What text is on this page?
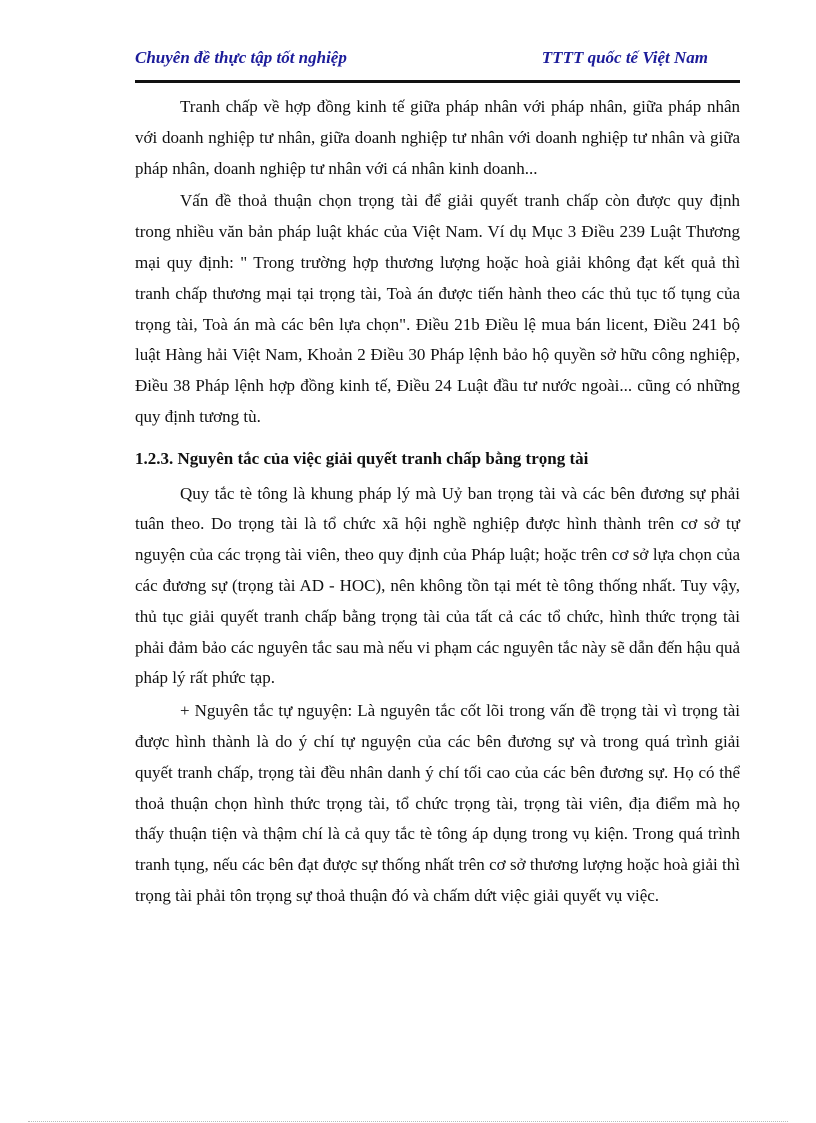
Chuyên đề thực tập tốt nghiệp	TTTT quốc tế Việt Nam

Tranh chấp về hợp đồng kinh tế giữa pháp nhân với pháp nhân, giữa pháp nhân với doanh nghiệp tư nhân, giữa doanh nghiệp tư nhân với doanh nghiệp tư nhân và giữa pháp nhân, doanh nghiệp tư nhân với cá nhân kinh doanh...

Vấn đề thoả thuận chọn trọng tài để giải quyết tranh chấp còn được quy định trong nhiều văn bản pháp luật khác của Việt Nam. Ví dụ Mục 3 Điều 239 Luật Thương mại quy định: " Trong trường hợp thương lượng hoặc hoà giải không đạt kết quả thì tranh chấp thương mại tại trọng tài, Toà án được tiến hành theo các thủ tục tố tụng của trọng tài, Toà án mà các bên lựa chọn". Điều 21b Điều lệ mua bán licent, Điều 241 bộ luật Hàng hải Việt Nam, Khoản 2 Điều 30 Pháp lệnh bảo hộ quyền sở hữu công nghiệp, Điều 38 Pháp lệnh hợp đồng kinh tế, Điều 24 Luật đầu tư nước ngoài... cũng có những quy định tương tù.

1.2.3. Nguyên tắc của việc giải quyết tranh chấp bằng trọng tài

Quy tắc tè tông là khung pháp lý mà Uỷ ban trọng tài và các bên đương sự phải tuân theo. Do trọng tài là tổ chức xã hội nghề nghiệp được hình thành trên cơ sở tự nguyện của các trọng tài viên, theo quy định của Pháp luật; hoặc trên cơ sở lựa chọn của các đương sự (trọng tài AD - HOC), nên không tồn tại mét tè tông thống nhất. Tuy vậy, thủ tục giải quyết tranh chấp bằng trọng tài của tất cả các tổ chức, hình thức trọng tài phải đảm bảo các nguyên tắc sau mà nếu vi phạm các nguyên tắc này sẽ dẫn đến hậu quả pháp lý rất phức tạp.

+ Nguyên tắc tự nguyện: Là nguyên tắc cốt lõi trong vấn đề trọng tài vì trọng tài được hình thành là do ý chí tự nguyện của các bên đương sự và trong quá trình giải quyết tranh chấp, trọng tài đều nhân danh ý chí tối cao của các bên đương sự. Họ có thể thoả thuận chọn hình thức trọng tài, tổ chức trọng tài, trọng tài viên, địa điểm mà họ thấy thuận tiện và thậm chí là cả quy tắc tè tông áp dụng trong vụ kiện. Trong quá trình tranh tụng, nếu các bên đạt được sự thống nhất trên cơ sở thương lượng hoặc hoà giải thì trọng tài phải tôn trọng sự thoả thuận đó và chấm dứt việc giải quyết vụ việc.
